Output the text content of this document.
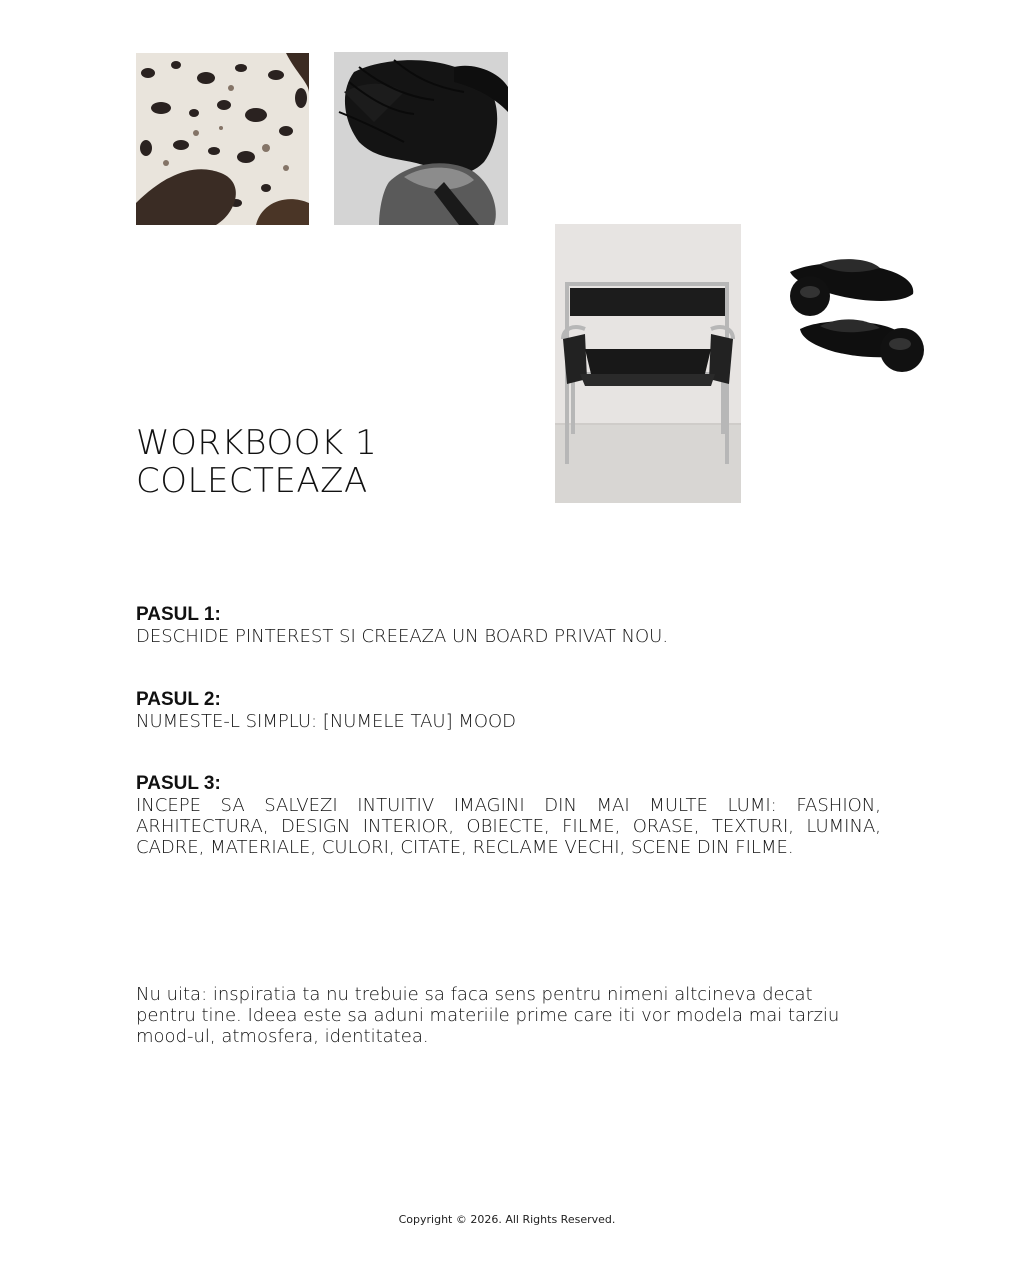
WORKBOOK 1
COLECTEAZA

PASUL 1:

DESCHIDE PINTEREST SI CREEAZA UN BOARD PRIVAT NOU.

PASUL 2:

NUMESTE-L SIMPLU: [NUMELE TAU] MOOD

PASUL 3:

INCEPE SA SALVEZI INTUITIV IMAGINI DIN MAI MULTE LUMI: FASHION, ARHITECTURA, DESIGN INTERIOR, OBIECTE, FILME, ORASE, TEXTURI, LUMINA, CADRE, MATERIALE, CULORI, CITATE, RECLAME VECHI, SCENE DIN FILME.

Nu uita: inspiratia ta nu trebuie sa faca sens pentru nimeni altcineva decat pentru tine. Ideea este sa aduni materiile prime care iti vor modela mai tarziu mood-ul, atmosfera, identitatea.

Copyright © 2026. All Rights Reserved.
